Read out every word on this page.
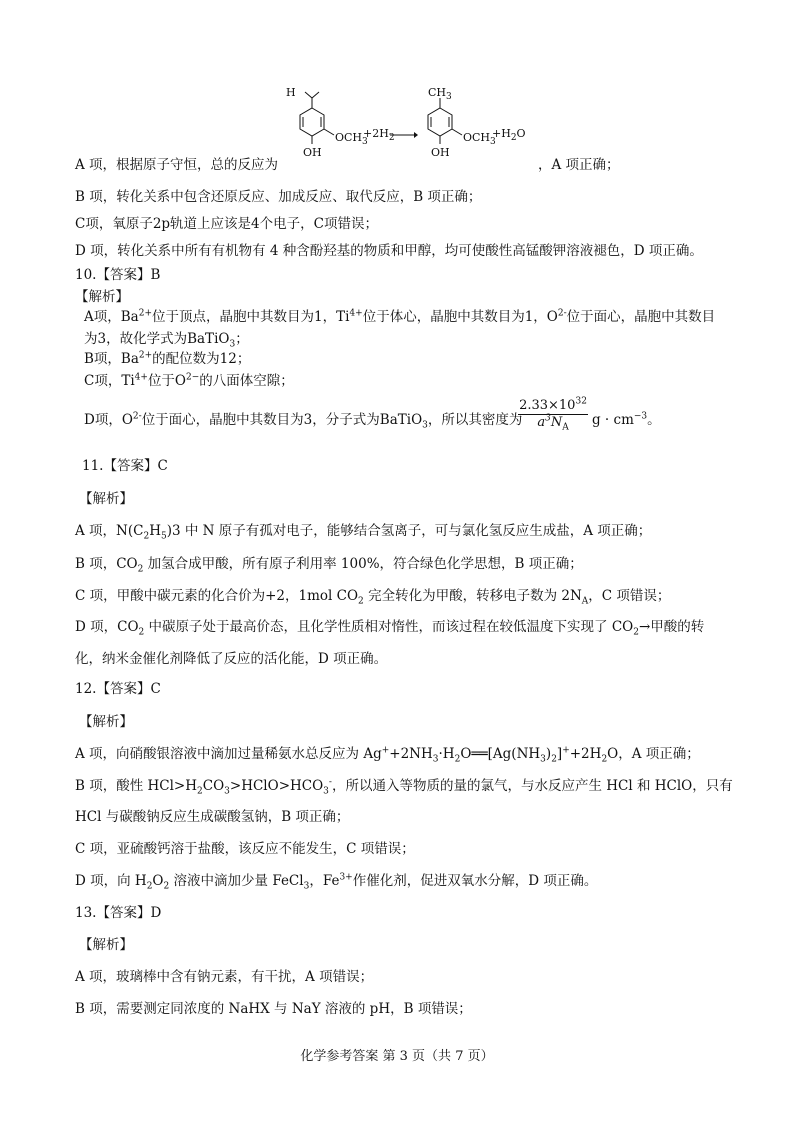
H
$OCH_3$
OH
$+2H_2$
$CH_3$
$OCH_3$
OH
$+H_2O$
A 项，根据原子守恒，总的反应为	，A 项正确；
B 项，转化关系中包含还原反应、加成反应、取代反应，B 项正确；
C项，氧原子2p轨道上应该是4个电子，C项错误；
D 项，转化关系中所有有机物有 4 种含酚羟基的物质和甲醇，均可使酸性高锰酸钾溶液褪色，D 项正确。
10.【答案】B
【解析】
A项，$Ba^{2+}$位于顶点，晶胞中其数目为1，$Ti^{4+}$位于体心，晶胞中其数目为1，$O^{2-}$位于面心，晶胞中其数目
为3，故化学式为BaTiO$_3$；
B项，$Ba^{2+}$的配位数为12；
C项，$Ti^{4+}$位于$O^{2-}$的八面体空隙；
D项，$O^{2-}$位于面心，晶胞中其数目为3，分子式为BaTiO$_3$，所以其密度为
$\frac{2.33\times 10^{32}}{a^3N_A}$ $g \cdot cm^{-3}$。
11.【答案】C
【解析】
A 项，$N(C_2H_5)3$ 中 N 原子有孤对电子，能够结合氢离子，可与氯化氢反应生成盐，A 项正确；
B 项，$CO_2$ 加氢合成甲酸，所有原子利用率 100%，符合绿色化学思想，B 项正确；
C 项，甲酸中碳元素的化合价为+2，1mol $CO_2$ 完全转化为甲酸，转移电子数为 $2N_A$，C 项错误；
D 项，$CO_2$ 中碳原子处于最高价态，且化学性质相对惰性，而该过程在较低温度下实现了 $CO_2\to$甲酸的转
化，纳米金催化剂降低了反应的活化能，D 项正确。
12.【答案】C
【解析】
A 项，向硝酸银溶液中滴加过量稀氨水总反应为 $Ag^++2NH_3\cdot H_2O══[Ag(NH_3)_2]^++2H_2O$，A 项正确；
B 项，酸性 $HCl>H_2CO_3>HClO>HCO_3^-$，所以通入等物质的量的氯气，与水反应产生 HCl 和 HClO，只有
HCl 与碳酸钠反应生成碳酸氢钠，B 项正确；
C 项，亚硫酸钙溶于盐酸，该反应不能发生，C 项错误；
D 项，向 $H_2O_2$ 溶液中滴加少量 FeCl$_3$，$Fe^{3+}$作催化剂，促进双氧水分解，D 项正确。
13.【答案】D
【解析】
A 项，玻璃棒中含有钠元素，有干扰，A 项错误；
B 项，需要测定同浓度的 NaHX 与 NaY 溶液的 pH，B 项错误；
化学参考答案 第 3 页（共 7 页）
